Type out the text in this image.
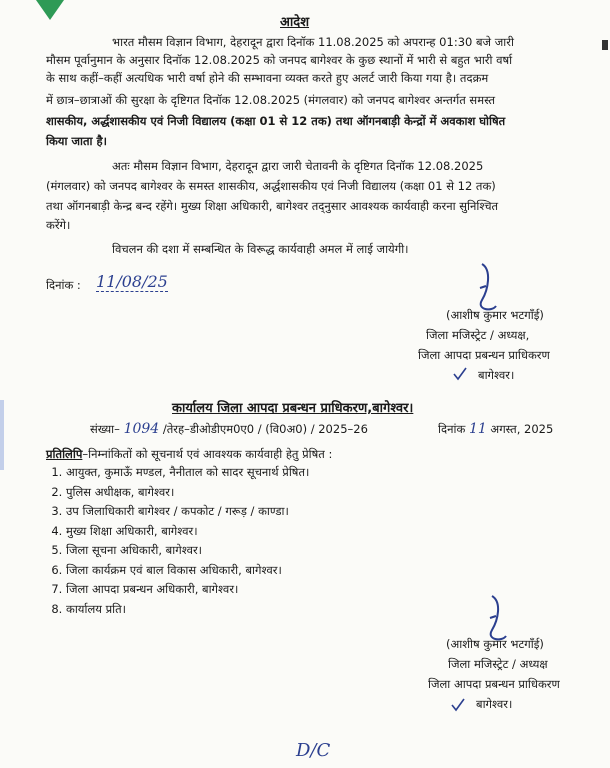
आदेश
भारत मौसम विज्ञान विभाग, देहरादून द्वारा दिनॉक 11.08.2025 को अपरान्ह 01:30 बजे जारी
मौसम पूर्वानुमान के अनुसार दिनॉक 12.08.2025 को जनपद बागेश्वर के कुछ स्थानों में भारी से बहुत भारी वर्षा
के साथ कहीं–कहीं अत्यधिक भारी वर्षा होने की सम्भावना व्यक्त करते हुए अलर्ट जारी किया गया है। तदक्रम
में छात्र–छात्राओं की सुरक्षा के दृष्टिगत दिनॉक 12.08.2025 (मंगलवार) को जनपद बागेश्वर अन्तर्गत समस्त
शासकीय, अर्द्धशासकीय एवं निजी विद्यालय (कक्षा 01 से 12 तक) तथा ऑगनबाड़ी केन्द्रों में अवकाश घोषित
किया जाता है।
अतः मौसम विज्ञान विभाग, देहरादून द्वारा जारी चेतावनी के दृष्टिगत दिनॉक 12.08.2025
(मंगलवार) को जनपद बागेश्वर के समस्त शासकीय, अर्द्धशासकीय एवं निजी विद्यालय (कक्षा 01 से 12 तक)
तथा ऑगनबाड़ी केन्द्र बन्द रहेंगे। मुख्य शिक्षा अधिकारी, बागेश्वर तद्नुसार आवश्यक कार्यवाही करना सुनिश्चित
करेंगे।
विचलन की दशा में सम्बन्धित के विरूद्ध कार्यवाही अमल में लाई जायेगी।
दिनांक : 11/08/25
(आशीष कुमार भटगाँई)
जिला मजिस्ट्रेट / अध्यक्ष,
जिला आपदा प्रबन्धन प्राधिकरण
बागेश्वर।
कार्यालय जिला आपदा प्रबन्धन प्राधिकरण,बागेश्वर।
संख्या– 1094 /तेरह–डीओडीएम0ए0 / (वि0अ0) / 2025–26	दिनांक 11 अगस्त, 2025
प्रतिलिपि–निम्नांकितों को सूचनार्थ एवं आवश्यक कार्यवाही हेतु प्रेषित :
1. आयुक्त, कुमाऊँ मण्डल, नैनीताल को सादर सूचनार्थ प्रेषित।
2. पुलिस अधीक्षक, बागेश्वर।
3. उप जिलाधिकारी बागेश्वर / कपकोट / गरूड़ / काण्डा।
4. मुख्य शिक्षा अधिकारी, बागेश्वर।
5. जिला सूचना अधिकारी, बागेश्वर।
6. जिला कार्यक्रम एवं बाल विकास अधिकारी, बागेश्वर।
7. जिला आपदा प्रबन्धन अधिकारी, बागेश्वर।
8. कार्यालय प्रति।
(आशीष कुमार भटगाँई)
जिला मजिस्ट्रेट / अध्यक्ष
जिला आपदा प्रबन्धन प्राधिकरण
बागेश्वर।
D/C
